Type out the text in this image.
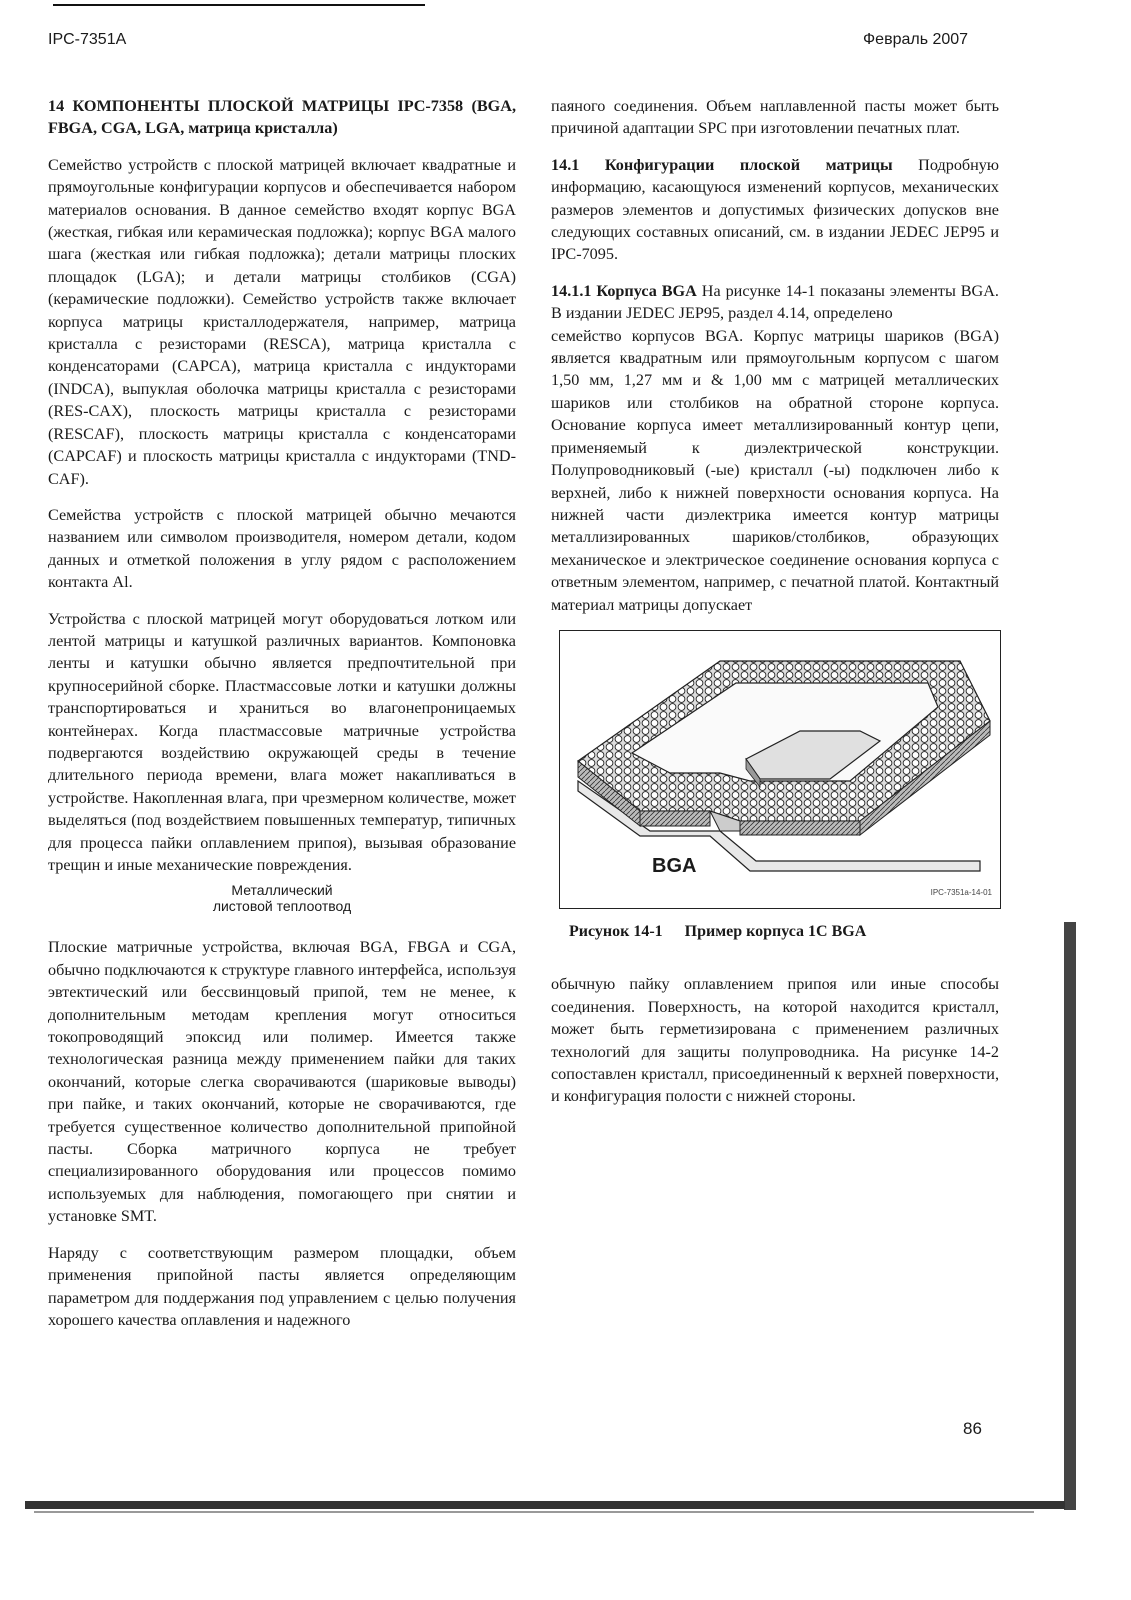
IPC-7351A	Февраль 2007

14 КОМПОНЕНТЫ ПЛОСКОЙ МАТРИЦЫ IPC-7358 (BGA, FBGA, CGA, LGA, матрица кристалла)

Семейство устройств с плоской матрицей включает квадратные и прямоугольные конфигурации корпусов и обеспечивается набором материалов основания. В данное семейство входят корпус BGA (жесткая, гибкая или керамическая подложка); корпус BGA малого шага (жесткая или гибкая подложка); детали матрицы плоских площадок (LGA); и детали матрицы столбиков (CGA) (керамические подложки). Семейство устройств также включает корпуса матрицы кристаллодержателя, например, матрица кристалла с резисторами (RESCA), матрица кристалла с конденсаторами (CAPCA), матрица кристалла с индукторами (INDCA), выпуклая оболочка матрицы кристалла с резисторами (RES-CAX), плоскость матрицы кристалла с резисторами (RESCAF), плоскость матрицы кристалла с конденсаторами (CAPCAF) и плоскость матрицы кристалла с индукторами (TND-CAF).

Семейства устройств с плоской матрицей обычно мечаются названием или символом производителя, номером детали, кодом данных и отметкой положения в углу рядом с расположением контакта Al.

Устройства с плоской матрицей могут оборудоваться лотком или лентой матрицы и катушкой различных вариантов. Компоновка ленты и катушки обычно является предпочтительной при крупносерийной сборке. Пластмассовые лотки и катушки должны транспортироваться и храниться во влагонепроницаемых контейнерах. Когда пластмассовые матричные устройства подвергаются воздействию окружающей среды в течение длительного периода времени, влага может накапливаться в устройстве. Накопленная влага, при чрезмерном количестве, может выделяться (под воздействием повышенных температур, типичных для процесса пайки оплавлением припоя), вызывая образование трещин и иные механические повреждения.

Металлический
листовой теплоотвод

Плоские матричные устройства, включая BGA, FBGA и CGA, обычно подключаются к структуре главного интерфейса, используя эвтектический или бессвинцовый припой, тем не менее, к дополнительным методам крепления могут относиться токопроводящий эпоксид или полимер. Имеется также технологическая разница между применением пайки для таких окончаний, которые слегка сворачиваются (шариковые выводы) при пайке, и таких окончаний, которые не сворачиваются, где требуется существенное количество дополнительной припойной пасты. Сборка матричного корпуса не требует специализированного оборудования или процессов помимо используемых для наблюдения, помогающего при снятии и установке SMT.

Наряду с соответствующим размером площадки, объем применения припойной пасты является определяющим параметром для поддержания под управлением с целью получения хорошего качества оплавления и надежного

паяного соединения. Объем наплавленной пасты может быть причиной адаптации SPC при изготовлении печатных плат.

14.1 Конфигурации плоской матрицы Подробную информацию, касающуюся изменений корпусов, механических размеров элементов и допустимых физических допусков вне следующих составных описаний, см. в издании JEDEC JEP95 и IPC-7095.

14.1.1 Корпуса BGA На рисунке 14-1 показаны элементы BGA. В издании JEDEC JEP95, раздел 4.14, определено

семейство корпусов BGA. Корпус матрицы шариков (BGA) является квадратным или прямоугольным корпусом с шагом 1,50 мм, 1,27 мм и & 1,00 мм с матрицей металлических шариков или столбиков на обратной стороне корпуса. Основание корпуса имеет металлизированный контур цепи, применяемый к диэлектрической конструкции. Полупроводниковый (-ые) кристалл (-ы) подключен либо к верхней, либо к нижней поверхности основания корпуса. На нижней части диэлектрика имеется контур матрицы металлизированных шариков/столбиков, образующих механическое и электрическое соединение основания корпуса с ответным элементом, например, с печатной платой. Контактный материал матрицы допускает

BGA
IPC-7351a-14-01
Рисунок 14-1 Пример корпуса 1С BGA

обычную пайку оплавлением припоя или иные способы соединения. Поверхность, на которой находится кристалл, может быть герметизирована с применением различных технологий для защиты полупроводника. На рисунке 14-2 сопоставлен кристалл, присоединенный к верхней поверхности, и конфигурация полости с нижней стороны.

86
